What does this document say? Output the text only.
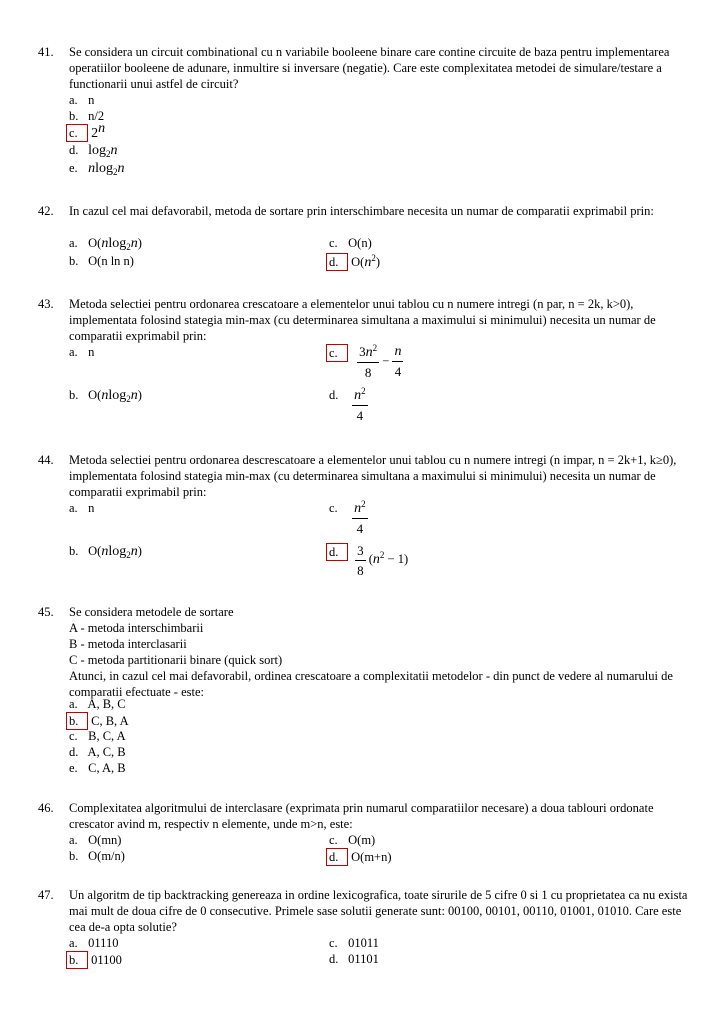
41.	Se considera un circuit combinational cu n variabile booleene binare care contine circuite de baza pentru implementarea operatiilor booleene de adunare, inmultire si inversare (negatie). Care este complexitatea metodei de simulare/testare a functionarii unui astfel de circuit?
a. n
b. n/2
c. 2$^n$
d. $\log_2n$
e. nlog$_2$n
42.	In cazul cel mai defavorabil, metoda de sortare prin interschimbare necesita un numar de comparatii exprimabil prin:
a. O(nlog$_2$n)
b. O(n ln n)
c. O(n)
d. $O(n^2)$
43.	Metoda selectiei pentru ordonarea crescatoare a elementelor unui tablou cu n numere intregi (n par, n = 2k, k>0), implementata folosind stategia min-max (cu determinarea simultana a maximului si minimului) necesita un numar de comparatii exprimabil prin:
a. n	c. $\frac{3n^2}{8} - \frac{n}{4}$
b. O(nlog$_2$n)	d. $\frac{n^2}{4}$
44.	Metoda selectiei pentru ordonarea descrescatoare a elementelor unui tablou cu n numere intregi (n impar, n = 2k+1, k≥0), implementata folosind stategia min-max (cu determinarea simultana a maximului si minimului) necesita un numar de comparatii exprimabil prin:
a. n	c. $\frac{n^2}{4}$
b. O(nlog$_2$n)	d. $\frac{3}{8} (n^2 - 1)$
45.	Se considera metodele de sortare
A - metoda interschimbarii
B - metoda interclasarii
C - metoda partitionarii binare (quick sort)
Atunci, in cazul cel mai defavorabil, ordinea crescatoare a complexitatii metodelor - din punct de vedere al numarului de comparatii efectuate - este:
a. A, B, C
b. C, B, A
c. B, C, A
d. A, C, B
e. C, A, B
46.	Complexitatea algoritmului de interclasare (exprimata prin numarul comparatiilor necesare) a doua tablouri ordonate crescator avind m, respectiv n elemente, unde m>n, este:
a. O(mn)
b. O(m/n)
c. O(m)
d. O(m+n)
47.	Un algoritm de tip backtracking genereaza in ordine lexicografica, toate sirurile de 5 cifre 0 si 1 cu proprietatea ca nu exista mai mult de doua cifre de 0 consecutive. Primele sase solutii generate sunt: 00100, 00101, 00110, 01001, 01010. Care este cea de-a opta solutie?
a. 01110
b. 01100
c. 01011
d. 01101
